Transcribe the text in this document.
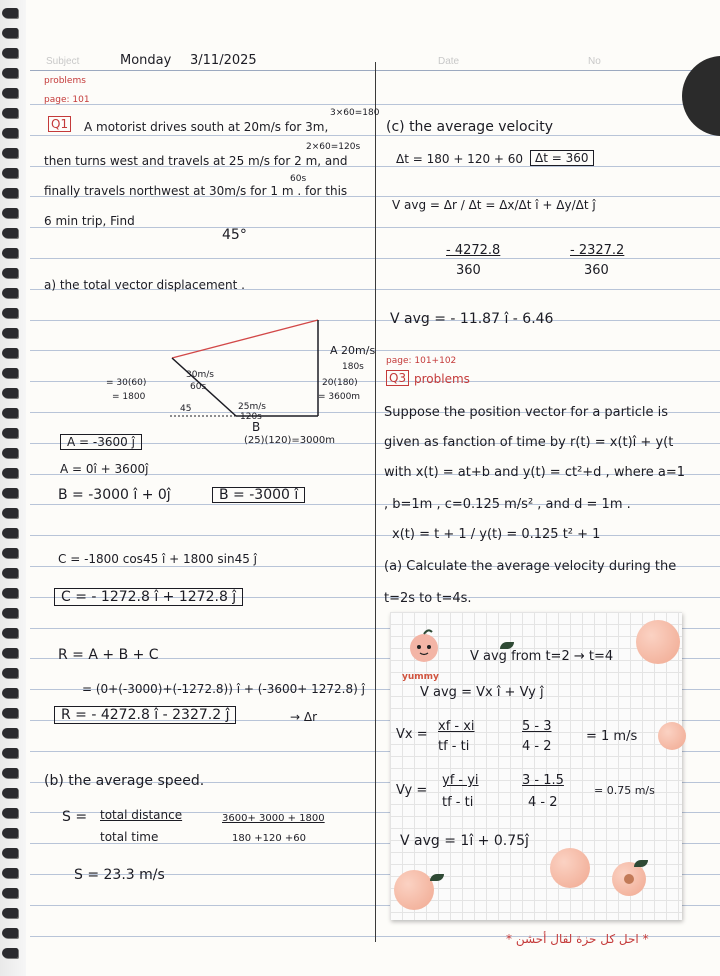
Subject	Date	No
Monday 3/11/2025
problems
page: 101
Q1
3×60=180
A motorist drives south at 20m/s for 3m,
2×60=120s
then turns west and travels at 25 m/s for 2 m, and
60s
finally travels northwest at 30m/s for 1 m . for this
6 min trip, Find
45°
a) the total vector displacement .
A 20m/s
180s
20(180)
= 3600m
30m/s
60s
= 30(60)
= 1800
45	25m/s
120s
B
(25)(120)=3000m
A = -3600 ĵ
A = 0î + 3600ĵ
B = -3000 î + 0ĵ	B = -3000 î
C = -1800 cos45 î + 1800 sin45 ĵ
C = - 1272.8 î + 1272.8 ĵ
R = A + B + C
= (0+(-3000)+(-1272.8)) î + (-3600+ 1272.8) ĵ
R = - 4272.8 î - 2327.2 ĵ	→ Δr
(b) the average speed.
S = total distance
total time
3600+ 3000 + 1800
180 +120 +60
S = 23.3 m/s
(c) the average velocity
Δt = 180 + 120 + 60 Δt = 360
V avg = Δr / Δt = Δx/Δt î + Δy/Δt ĵ
- 4272.8
360
- 2327.2
360
V avg = - 11.87 î - 6.46
page: 101+102
Q3 problems
Suppose the position vector for a particle is
given as fanction of time by r(t) = x(t)î + y(t
with x(t) = at+b and y(t) = ct²+d , where a=1
, b=1m , c=0.125 m/s² , and d = 1m .
x(t) = t + 1 / y(t) = 0.125 t² + 1
(a) Calculate the average velocity during the
t=2s to t=4s.
yummy
V avg from t=2 → t=4
V avg = Vx î + Vy ĵ
Vx =
xf - xi
tf - ti
5 - 3
4 - 2
= 1 m/s
Vy =
yf - yi
tf - ti
3 - 1.5
4 - 2
= 0.75 m/s
V avg = 1î + 0.75ĵ
* احل كل حزة لقال أحشن *
